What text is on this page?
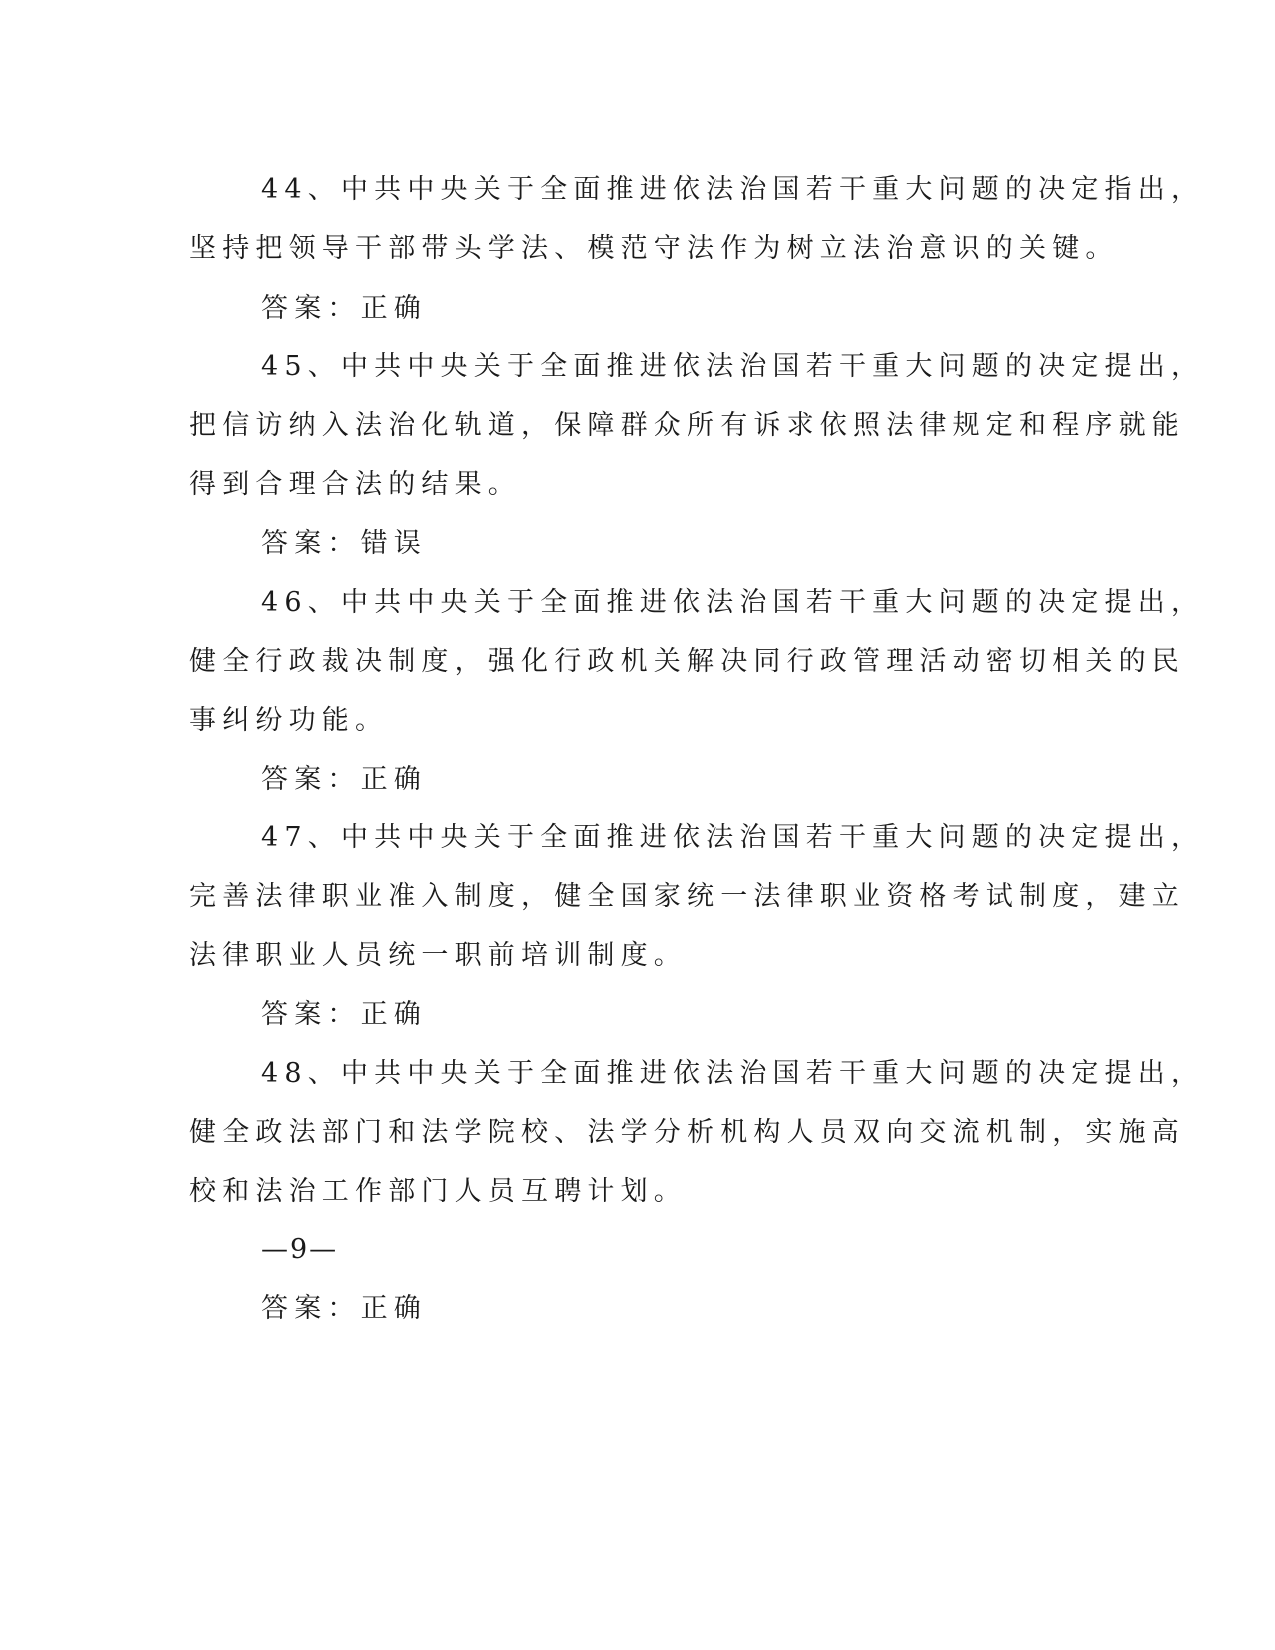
44、中共中央关于全面推进依法治国若干重大问题的决定指出，

坚持把领导干部带头学法、模范守法作为树立法治意识的关键。

答案：正确

45、中共中央关于全面推进依法治国若干重大问题的决定提出，

把信访纳入法治化轨道，保障群众所有诉求依照法律规定和程序就能

得到合理合法的结果。

答案：错误

46、中共中央关于全面推进依法治国若干重大问题的决定提出，

健全行政裁决制度，强化行政机关解决同行政管理活动密切相关的民

事纠纷功能。

答案：正确

47、中共中央关于全面推进依法治国若干重大问题的决定提出，

完善法律职业准入制度，健全国家统一法律职业资格考试制度，建立

法律职业人员统一职前培训制度。

答案：正确

48、中共中央关于全面推进依法治国若干重大问题的决定提出，

健全政法部门和法学院校、法学分析机构人员双向交流机制，实施高

校和法治工作部门人员互聘计划。

—9—

答案：正确
